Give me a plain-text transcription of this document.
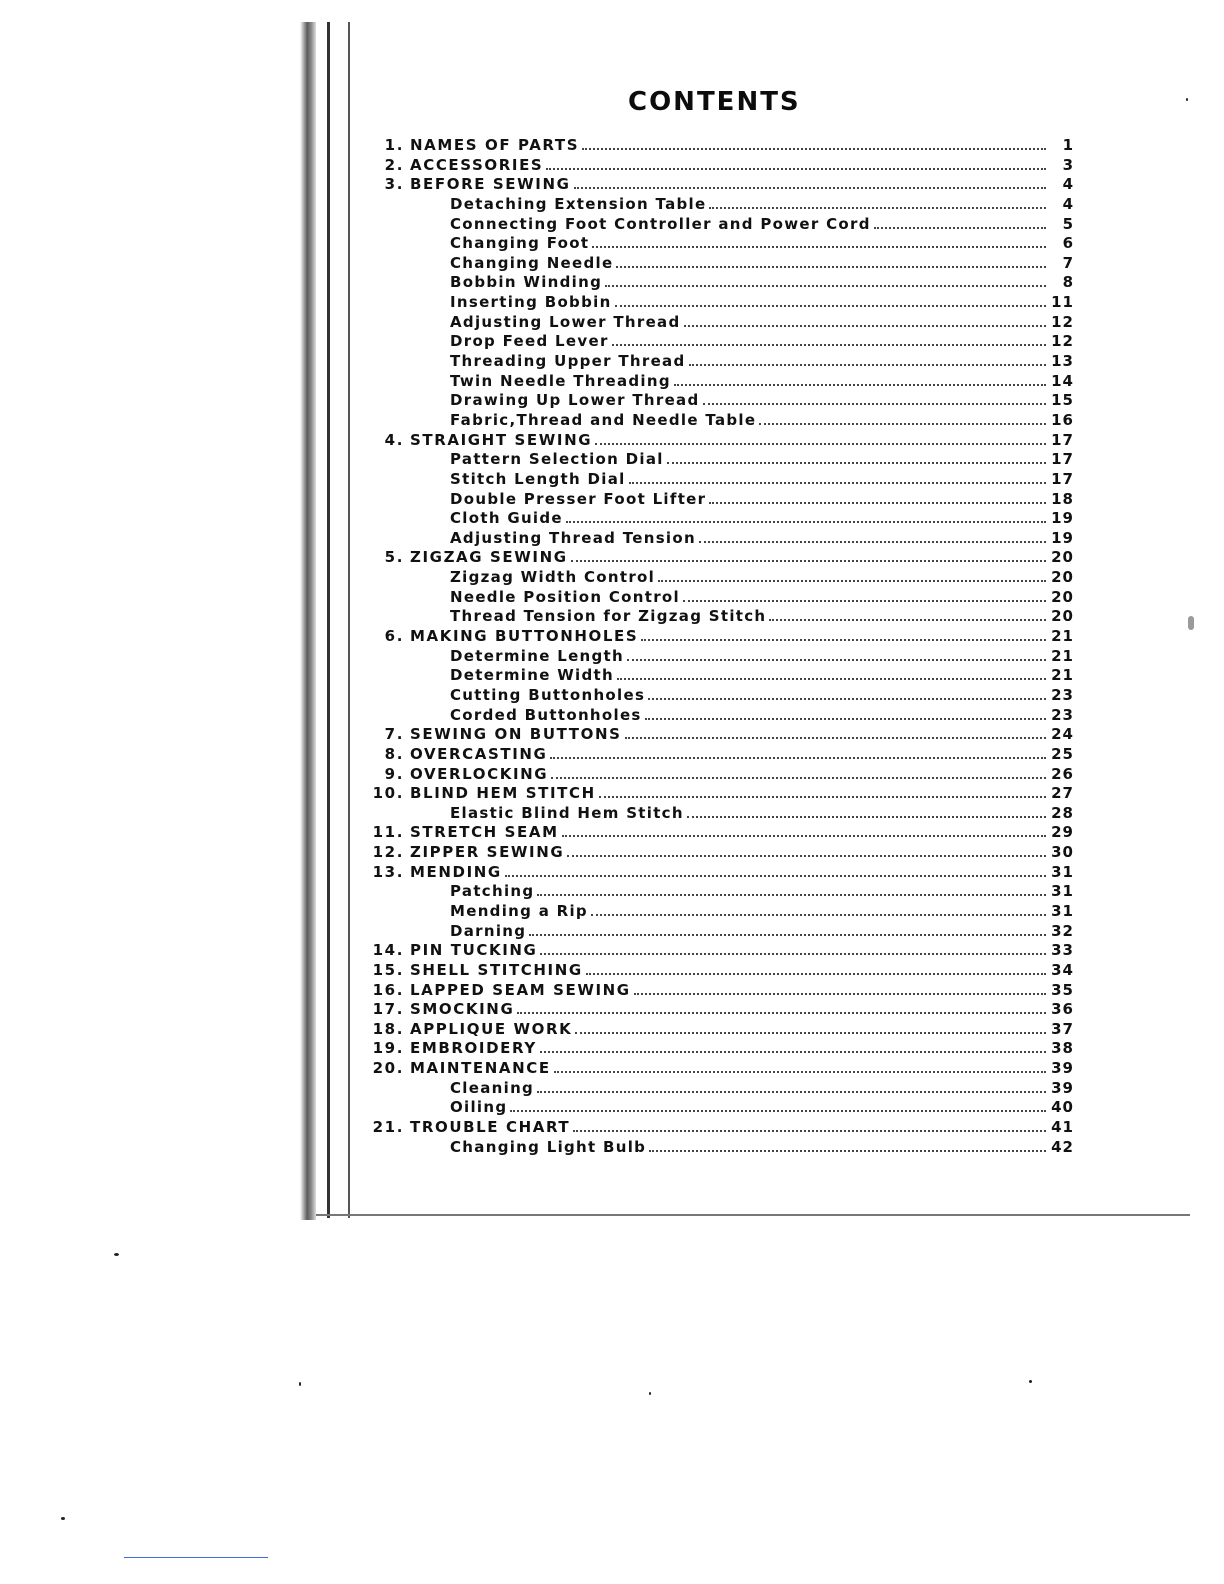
CONTENTS
1. NAMES OF PARTS	1
2. ACCESSORIES	3
3. BEFORE SEWING	4
Detaching Extension Table	4
Connecting Foot Controller and Power Cord	5
Changing Foot	6
Changing Needle	7
Bobbin Winding	8
Inserting Bobbin	11
Adjusting Lower Thread	12
Drop Feed Lever	12
Threading Upper Thread	13
Twin Needle Threading	14
Drawing Up Lower Thread	15
Fabric,Thread and Needle Table	16
4. STRAIGHT SEWING	17
Pattern Selection Dial	17
Stitch Length Dial	17
Double Presser Foot Lifter	18
Cloth Guide	19
Adjusting Thread Tension	19
5. ZIGZAG SEWING	20
Zigzag Width Control	20
Needle Position Control	20
Thread Tension for Zigzag Stitch	20
6. MAKING BUTTONHOLES	21
Determine Length	21
Determine Width	21
Cutting Buttonholes	23
Corded Buttonholes	23
7. SEWING ON BUTTONS	24
8. OVERCASTING	25
9. OVERLOCKING	26
10. BLIND HEM STITCH	27
Elastic Blind Hem Stitch	28
11. STRETCH SEAM	29
12. ZIPPER SEWING	30
13. MENDING	31
Patching	31
Mending a Rip	31
Darning	32
14. PIN TUCKING	33
15. SHELL STITCHING	34
16. LAPPED SEAM SEWING	35
17. SMOCKING	36
18. APPLIQUE WORK	37
19. EMBROIDERY	38
20. MAINTENANCE	39
Cleaning	39
Oiling	40
21. TROUBLE CHART	41
Changing Light Bulb	42
